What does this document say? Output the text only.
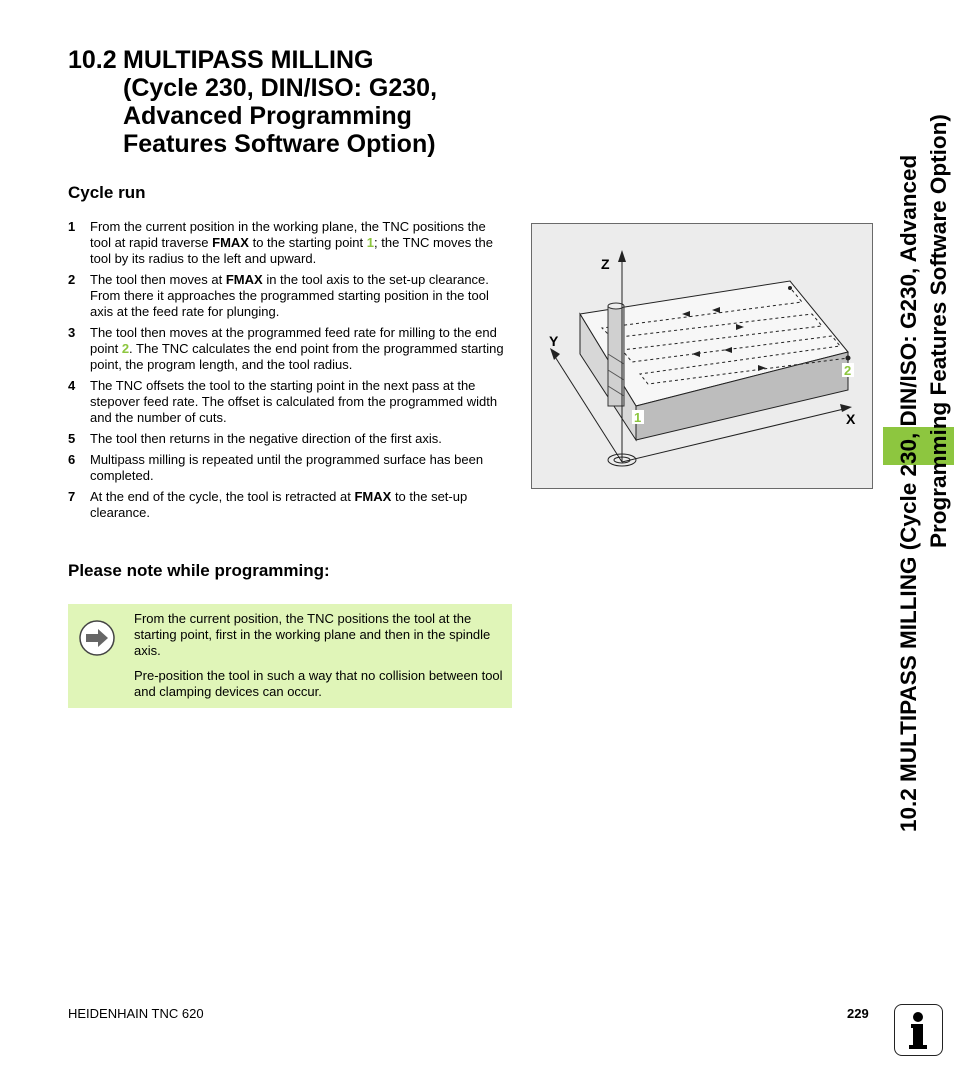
10.2 MULTIPASS MILLING
(Cycle 230, DIN/ISO: G230,
Advanced Programming
Features Software Option)
Cycle run
1	From the current position in the working plane, the TNC positions the tool at rapid traverse FMAX to the starting point 1; the TNC moves the tool by its radius to the left and upward.
2	The tool then moves at FMAX in the tool axis to the set-up clearance. From there it approaches the programmed starting position in the tool axis at the feed rate for plunging.
3	The tool then moves at the programmed feed rate for milling to the end point 2. The TNC calculates the end point from the programmed starting point, the program length, and the tool radius.
4	The TNC offsets the tool to the starting point in the next pass at the stepover feed rate. The offset is calculated from the programmed width and the number of cuts.
5	The tool then returns in the negative direction of the first axis.
6	Multipass milling is repeated until the programmed surface has been completed.
7	At the end of the cycle, the tool is retracted at FMAX to the set-up clearance.
Z
Y
X
1
2
Please note while programming:

From the current position, the TNC positions the tool at the starting point, first in the working plane and then in the spindle axis.

Pre-position the tool in such a way that no collision between tool and clamping devices can occur.	10.2 MULTIPASS MILLING (Cycle 230, DIN/ISO: G230, Advanced Programming Features Software Option)
HEIDENHAIN TNC 620	229
